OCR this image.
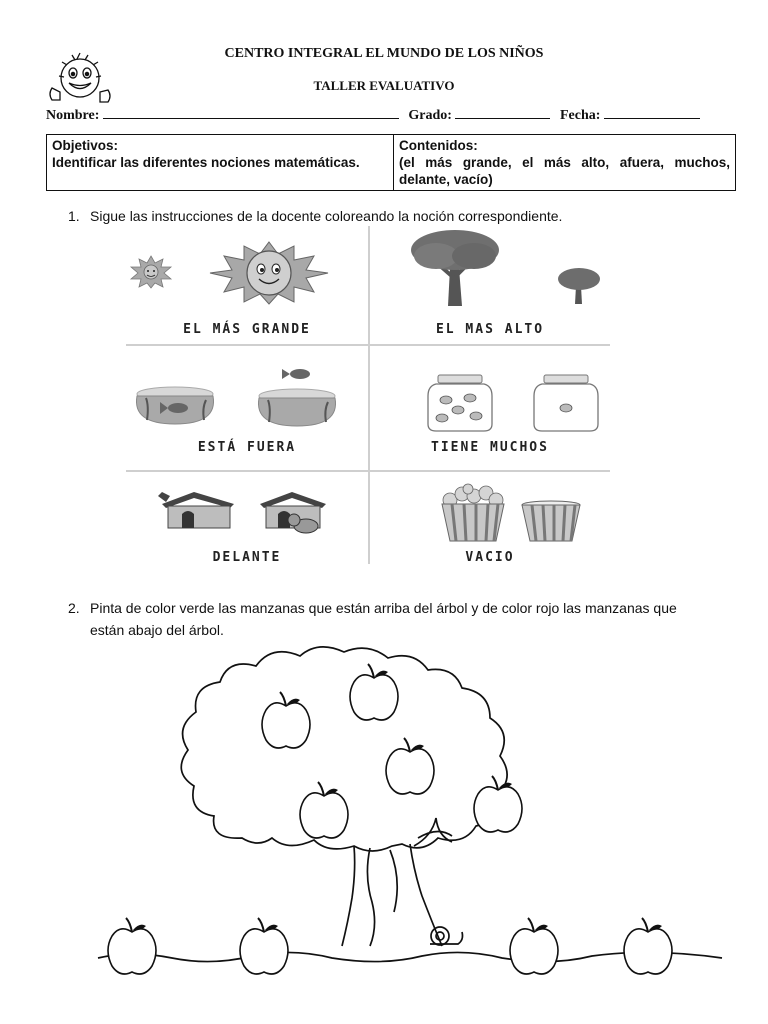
CENTRO INTEGRAL EL MUNDO DE LOS NIÑOS
TALLER EVALUATIVO
Nombre:	Grado:	Fecha:
Objetivos:
Identificar las diferentes nociones matemáticas.

Contenidos:
(el más grande, el más alto, afuera, muchos, delante, vacío)
1. Sigue las instrucciones de la docente coloreando la noción correspondiente.
EL MÁS GRANDE	EL MAS ALTO
ESTÁ FUERA	TIENE MUCHOS
DELANTE	VACIO
2. Pinta de color verde las manzanas que están arriba del árbol y de color rojo las manzanas que
están abajo del árbol.
